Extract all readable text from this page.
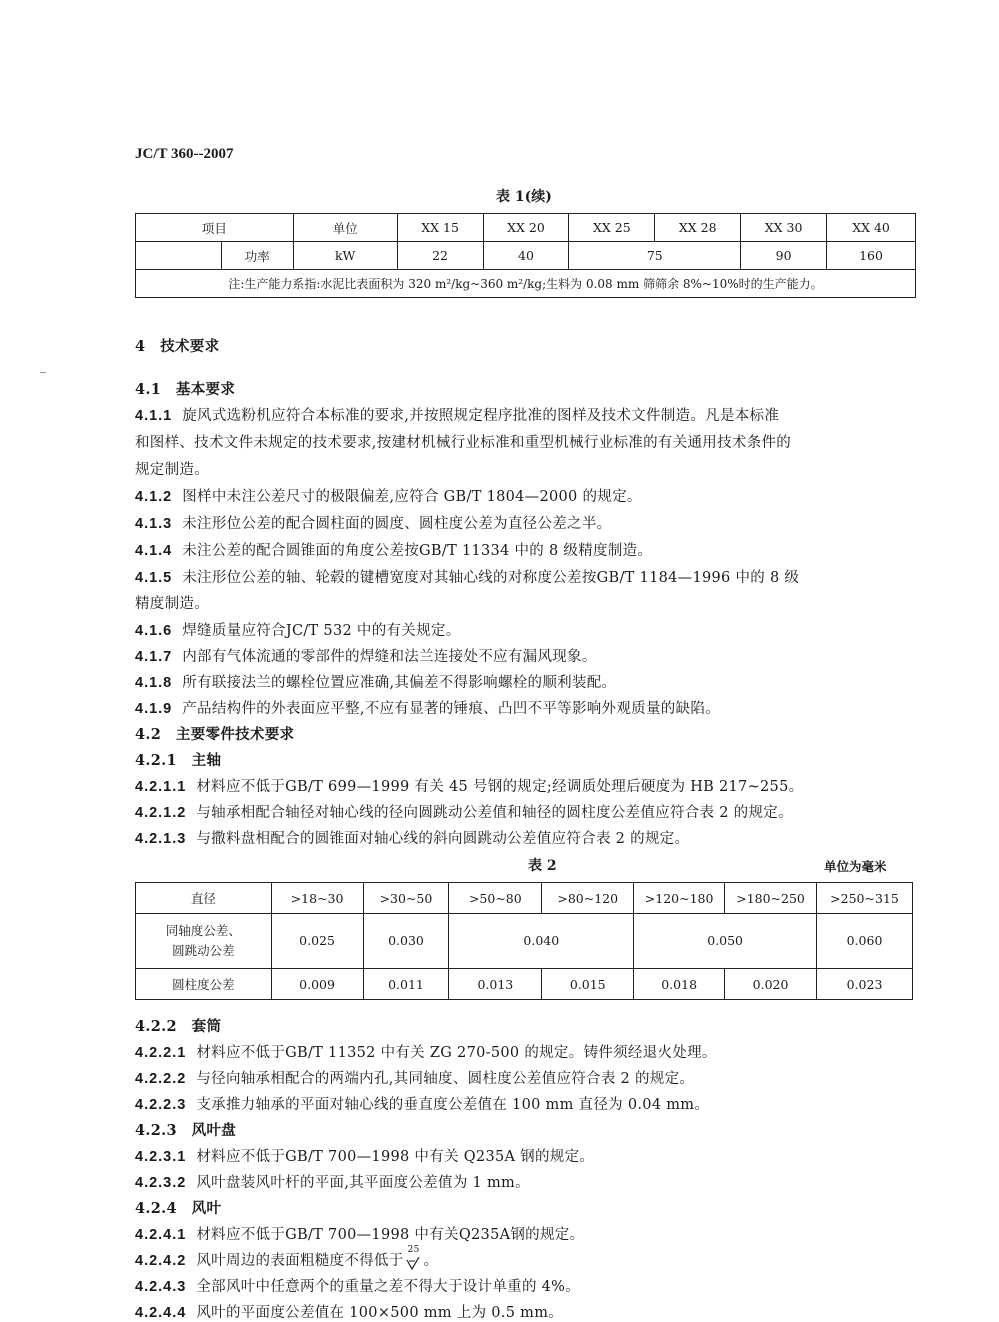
JC/T 360--2007
表 1(续)
项目		单位	XX 15	XX 20	XX 25	XX 28	XX 30	XX 40
	功率	kW	22	40	75		90	160
注:生产能力系指:水泥比表面积为 320 m²/kg~360 m²/kg;生料为 0.08 mm 筛筛余 8%~10%时的生产能力。								
4　技术要求
4.1　基本要求
4.1.1 旋风式选粉机应符合本标准的要求,并按照规定程序批准的图样及技术文件制造。凡是本标准
和图样、技术文件未规定的技术要求,按建材机械行业标准和重型机械行业标准的有关通用技术条件的
规定制造。
4.1.2 图样中未注公差尺寸的极限偏差,应符合 GB/T 1804—2000 的规定。
4.1.3 未注形位公差的配合圆柱面的圆度、圆柱度公差为直径公差之半。
4.1.4 未注公差的配合圆锥面的角度公差按GB/T 11334 中的 8 级精度制造。
4.1.5 未注形位公差的轴、轮毂的键槽宽度对其轴心线的对称度公差按GB/T 1184—1996 中的 8 级
精度制造。
4.1.6 焊缝质量应符合JC/T 532 中的有关规定。
4.1.7 内部有气体流通的零部件的焊缝和法兰连接处不应有漏风现象。
4.1.8 所有联接法兰的螺栓位置应准确,其偏差不得影响螺栓的顺利装配。
4.1.9 产品结构件的外表面应平整,不应有显著的锤痕、凸凹不平等影响外观质量的缺陷。
4.2　主要零件技术要求
4.2.1　主轴
4.2.1.1 材料应不低于GB/T 699—1999 有关 45 号钢的规定;经调质处理后硬度为 HB 217~255。
4.2.1.2 与轴承相配合轴径对轴心线的径向圆跳动公差值和轴径的圆柱度公差值应符合表 2 的规定。
4.2.1.3 与撒料盘相配合的圆锥面对轴心线的斜向圆跳动公差值应符合表 2 的规定。
表 2	单位为毫米
直径	>18~30	>30~50	>50~80	>80~120	>120~180	>180~250	>250~315

同轴度公差、
圆跳动公差	0.025	0.030	0.040		0.050		0.060
圆柱度公差	0.009	0.011	0.013	0.015	0.018	0.020	0.023
4.2.2　套筒
4.2.2.1 材料应不低于GB/T 11352 中有关 ZG 270-500 的规定。铸件须经退火处理。
4.2.2.2 与径向轴承相配合的两端内孔,其同轴度、圆柱度公差值应符合表 2 的规定。
4.2.2.3 支承推力轴承的平面对轴心线的垂直度公差值在 100 mm 直径为 0.04 mm。
4.2.3　风叶盘
4.2.3.1 材料应不低于GB/T 700—1998 中有关 Q235A 钢的规定。
4.2.3.2 风叶盘装风叶杆的平面,其平面度公差值为 1 mm。
4.2.4　风叶
4.2.4.1 材料应不低于GB/T 700—1998 中有关Q235A钢的规定。
4.2.4.2 风叶周边的表面粗糙度不得低于
25
。
4.2.4.3 全部风叶中任意两个的重量之差不得大于设计单重的 4%。
4.2.4.4 风叶的平面度公差值在 100×500 mm 上为 0.5 mm。
